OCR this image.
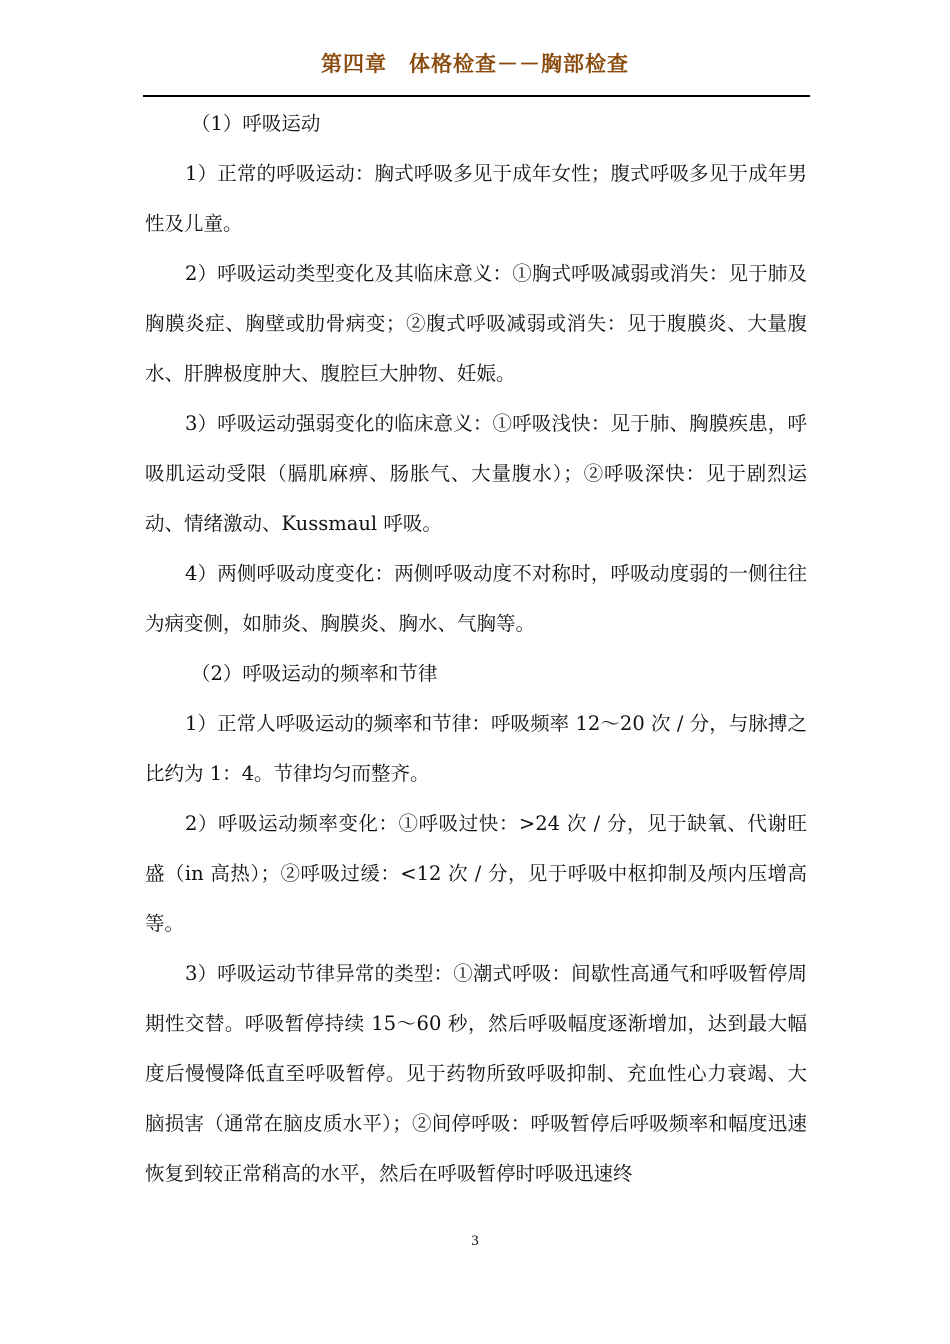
第四章　体格检查－－胸部检查

（1）呼吸运动

1）正常的呼吸运动：胸式呼吸多见于成年女性；腹式呼吸多见于成年男性及儿童。

2）呼吸运动类型变化及其临床意义：①胸式呼吸减弱或消失：见于肺及胸膜炎症、胸壁或肋骨病变；②腹式呼吸减弱或消失：见于腹膜炎、大量腹水、肝脾极度肿大、腹腔巨大肿物、妊娠。

3）呼吸运动强弱变化的临床意义：①呼吸浅快：见于肺、胸膜疾患，呼吸肌运动受限（膈肌麻痹、肠胀气、大量腹水）；②呼吸深快：见于剧烈运动、情绪激动、Kussmaul 呼吸。

4）两侧呼吸动度变化：两侧呼吸动度不对称时，呼吸动度弱的一侧往往为病变侧，如肺炎、胸膜炎、胸水、气胸等。

（2）呼吸运动的频率和节律

1）正常人呼吸运动的频率和节律：呼吸频率 12～20 次 / 分，与脉搏之比约为 1：4。节律均匀而整齐。

2）呼吸运动频率变化：①呼吸过快：>24 次 / 分，见于缺氧、代谢旺盛（in 高热）；②呼吸过缓：<12 次 / 分，见于呼吸中枢抑制及颅内压增高等。

3）呼吸运动节律异常的类型：①潮式呼吸：间歇性高通气和呼吸暂停周期性交替。呼吸暂停持续 15～60 秒，然后呼吸幅度逐渐增加，达到最大幅度后慢慢降低直至呼吸暂停。见于药物所致呼吸抑制、充血性心力衰竭、大脑损害（通常在脑皮质水平）；②间停呼吸：呼吸暂停后呼吸频率和幅度迅速恢复到较正常稍高的水平，然后在呼吸暂停时呼吸迅速终

3
